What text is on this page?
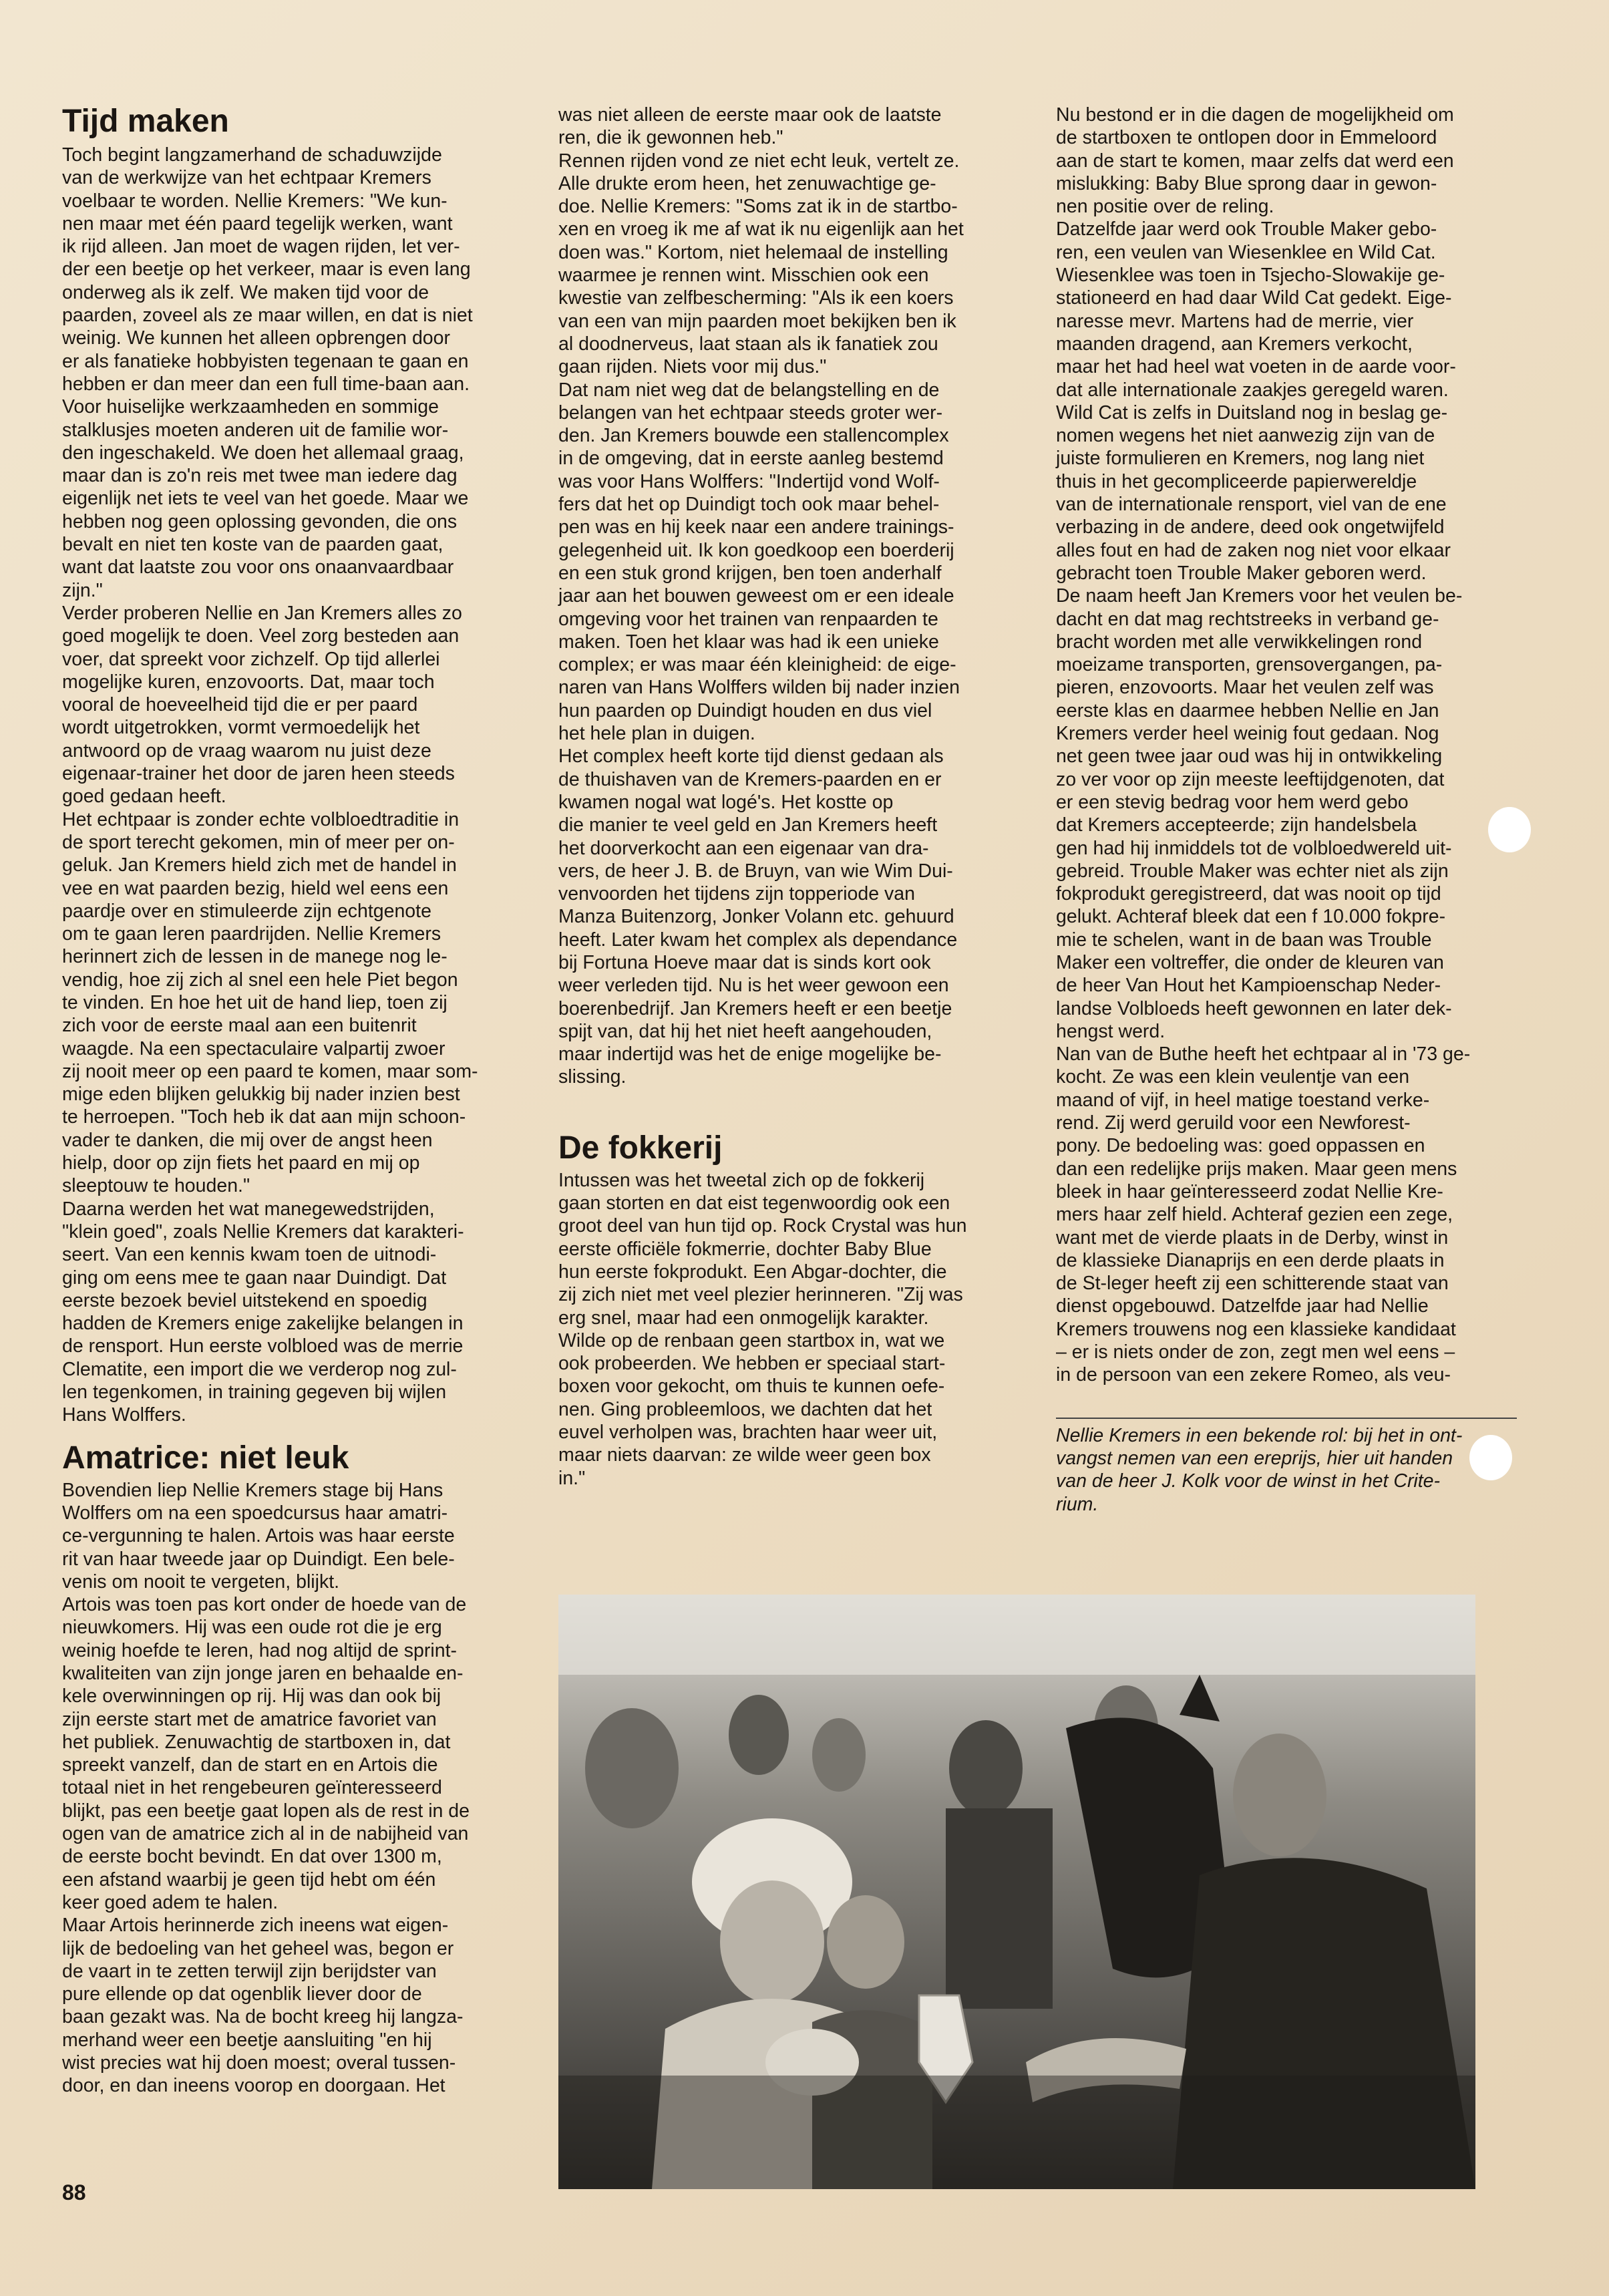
Tijd maken

Toch begint langzamerhand de schaduwzijde
van de werkwijze van het echtpaar Kremers
voelbaar te worden. Nellie Kremers: "We kun-
nen maar met één paard tegelijk werken, want
ik rijd alleen. Jan moet de wagen rijden, let ver-
der een beetje op het verkeer, maar is even lang
onderweg als ik zelf. We maken tijd voor de
paarden, zoveel als ze maar willen, en dat is niet
weinig. We kunnen het alleen opbrengen door
er als fanatieke hobbyisten tegenaan te gaan en
hebben er dan meer dan een full time-baan aan.
Voor huiselijke werkzaamheden en sommige
stalklusjes moeten anderen uit de familie wor-
den ingeschakeld. We doen het allemaal graag,
maar dan is zo'n reis met twee man iedere dag
eigenlijk net iets te veel van het goede. Maar we
hebben nog geen oplossing gevonden, die ons
bevalt en niet ten koste van de paarden gaat,
want dat laatste zou voor ons onaanvaardbaar
zijn."

Verder proberen Nellie en Jan Kremers alles zo
goed mogelijk te doen. Veel zorg besteden aan
voer, dat spreekt voor zichzelf. Op tijd allerlei
mogelijke kuren, enzovoorts. Dat, maar toch
vooral de hoeveelheid tijd die er per paard
wordt uitgetrokken, vormt vermoedelijk het
antwoord op de vraag waarom nu juist deze
eigenaar-trainer het door de jaren heen steeds
goed gedaan heeft.

Het echtpaar is zonder echte volbloedtraditie in
de sport terecht gekomen, min of meer per on-
geluk. Jan Kremers hield zich met de handel in
vee en wat paarden bezig, hield wel eens een
paardje over en stimuleerde zijn echtgenote
om te gaan leren paardrijden. Nellie Kremers
herinnert zich de lessen in de manege nog le-
vendig, hoe zij zich al snel een hele Piet begon
te vinden. En hoe het uit de hand liep, toen zij
zich voor de eerste maal aan een buitenrit
waagde. Na een spectaculaire valpartij zwoer
zij nooit meer op een paard te komen, maar som-
mige eden blijken gelukkig bij nader inzien best
te herroepen. "Toch heb ik dat aan mijn schoon-
vader te danken, die mij over de angst heen
hielp, door op zijn fiets het paard en mij op
sleeptouw te houden."

Daarna werden het wat manegewedstrijden,
"klein goed", zoals Nellie Kremers dat karakteri-
seert. Van een kennis kwam toen de uitnodi-
ging om eens mee te gaan naar Duindigt. Dat
eerste bezoek beviel uitstekend en spoedig
hadden de Kremers enige zakelijke belangen in
de rensport. Hun eerste volbloed was de merrie
Clematite, een import die we verderop nog zul-
len tegenkomen, in training gegeven bij wijlen
Hans Wolffers.

Amatrice: niet leuk

Bovendien liep Nellie Kremers stage bij Hans
Wolffers om na een spoedcursus haar amatri-
ce-vergunning te halen. Artois was haar eerste
rit van haar tweede jaar op Duindigt. Een bele-
venis om nooit te vergeten, blijkt.

Artois was toen pas kort onder de hoede van de
nieuwkomers. Hij was een oude rot die je erg
weinig hoefde te leren, had nog altijd de sprint-
kwaliteiten van zijn jonge jaren en behaalde en-
kele overwinningen op rij. Hij was dan ook bij
zijn eerste start met de amatrice favoriet van
het publiek. Zenuwachtig de startboxen in, dat
spreekt vanzelf, dan de start en en Artois die
totaal niet in het rengebeuren geïnteresseerd
blijkt, pas een beetje gaat lopen als de rest in de
ogen van de amatrice zich al in de nabijheid van
de eerste bocht bevindt. En dat over 1300 m,
een afstand waarbij je geen tijd hebt om één
keer goed adem te halen.

Maar Artois herinnerde zich ineens wat eigen-
lijk de bedoeling van het geheel was, begon er
de vaart in te zetten terwijl zijn berijdster van
pure ellende op dat ogenblik liever door de
baan gezakt was. Na de bocht kreeg hij langza-
merhand weer een beetje aansluiting "en hij
wist precies wat hij doen moest; overal tussen-
door, en dan ineens voorop en doorgaan. Het

was niet alleen de eerste maar ook de laatste
ren, die ik gewonnen heb."

Rennen rijden vond ze niet echt leuk, vertelt ze.
Alle drukte erom heen, het zenuwachtige ge-
doe. Nellie Kremers: "Soms zat ik in de startbo-
xen en vroeg ik me af wat ik nu eigenlijk aan het
doen was." Kortom, niet helemaal de instelling
waarmee je rennen wint. Misschien ook een
kwestie van zelfbescherming: "Als ik een koers
van een van mijn paarden moet bekijken ben ik
al doodnerveus, laat staan als ik fanatiek zou
gaan rijden. Niets voor mij dus."

Dat nam niet weg dat de belangstelling en de
belangen van het echtpaar steeds groter wer-
den. Jan Kremers bouwde een stallencomplex
in de omgeving, dat in eerste aanleg bestemd
was voor Hans Wolffers: "Indertijd vond Wolf-
fers dat het op Duindigt toch ook maar behel-
pen was en hij keek naar een andere trainings-
gelegenheid uit. Ik kon goedkoop een boerderij
en een stuk grond krijgen, ben toen anderhalf
jaar aan het bouwen geweest om er een ideale
omgeving voor het trainen van renpaarden te
maken. Toen het klaar was had ik een unieke
complex; er was maar één kleinigheid: de eige-
naren van Hans Wolffers wilden bij nader inzien
hun paarden op Duindigt houden en dus viel
het hele plan in duigen.

Het complex heeft korte tijd dienst gedaan als
de thuishaven van de Kremers-paarden en er
kwamen nogal wat logé's. Het kostte op
die manier te veel geld en Jan Kremers heeft
het doorverkocht aan een eigenaar van dra-
vers, de heer J. B. de Bruyn, van wie Wim Dui-
venvoorden het tijdens zijn topperiode van
Manza Buitenzorg, Jonker Volann etc. gehuurd
heeft. Later kwam het complex als dependance
bij Fortuna Hoeve maar dat is sinds kort ook
weer verleden tijd. Nu is het weer gewoon een
boerenbedrijf. Jan Kremers heeft er een beetje
spijt van, dat hij het niet heeft aangehouden,
maar indertijd was het de enige mogelijke be-
slissing.

De fokkerij

Intussen was het tweetal zich op de fokkerij
gaan storten en dat eist tegenwoordig ook een
groot deel van hun tijd op. Rock Crystal was hun
eerste officiële fokmerrie, dochter Baby Blue
hun eerste fokprodukt. Een Abgar-dochter, die
zij zich niet met veel plezier herinneren. "Zij was
erg snel, maar had een onmogelijk karakter.
Wilde op de renbaan geen startbox in, wat we
ook probeerden. We hebben er speciaal start-
boxen voor gekocht, om thuis te kunnen oefe-
nen. Ging probleemloos, we dachten dat het
euvel verholpen was, brachten haar weer uit,
maar niets daarvan: ze wilde weer geen box
in."

Nu bestond er in die dagen de mogelijkheid om
de startboxen te ontlopen door in Emmeloord
aan de start te komen, maar zelfs dat werd een
mislukking: Baby Blue sprong daar in gewon-
nen positie over de reling.

Datzelfde jaar werd ook Trouble Maker gebo-
ren, een veulen van Wiesenklee en Wild Cat.
Wiesenklee was toen in Tsjecho-Slowakije ge-
stationeerd en had daar Wild Cat gedekt. Eige-
naresse mevr. Martens had de merrie, vier
maanden dragend, aan Kremers verkocht,
maar het had heel wat voeten in de aarde voor-
dat alle internationale zaakjes geregeld waren.
Wild Cat is zelfs in Duitsland nog in beslag ge-
nomen wegens het niet aanwezig zijn van de
juiste formulieren en Kremers, nog lang niet
thuis in het gecompliceerde papierwereldje
van de internationale rensport, viel van de ene
verbazing in de andere, deed ook ongetwijfeld
alles fout en had de zaken nog niet voor elkaar
gebracht toen Trouble Maker geboren werd.

De naam heeft Jan Kremers voor het veulen be-
dacht en dat mag rechtstreeks in verband ge-
bracht worden met alle verwikkelingen rond
moeizame transporten, grensovergangen, pa-
pieren, enzovoorts. Maar het veulen zelf was
eerste klas en daarmee hebben Nellie en Jan
Kremers verder heel weinig fout gedaan. Nog
net geen twee jaar oud was hij in ontwikkeling
zo ver voor op zijn meeste leeftijdgenoten, dat
er een stevig bedrag voor hem werd gebo
dat Kremers accepteerde; zijn handelsbela
gen had hij inmiddels tot de volbloedwereld uit-
gebreid. Trouble Maker was echter niet als zijn
fokprodukt geregistreerd, dat was nooit op tijd
gelukt. Achteraf bleek dat een f 10.000 fokpre-
mie te schelen, want in de baan was Trouble
Maker een voltreffer, die onder de kleuren van
de heer Van Hout het Kampioenschap Neder-
landse Volbloeds heeft gewonnen en later dek-
hengst werd.

Nan van de Buthe heeft het echtpaar al in '73 ge-
kocht. Ze was een klein veulentje van een
maand of vijf, in heel matige toestand verke-
rend. Zij werd geruild voor een Newforest-
pony. De bedoeling was: goed oppassen en
dan een redelijke prijs maken. Maar geen mens
bleek in haar geïnteresseerd zodat Nellie Kre-
mers haar zelf hield. Achteraf gezien een zege,
want met de vierde plaats in de Derby, winst in
de klassieke Dianaprijs en een derde plaats in
de St-leger heeft zij een schitterende staat van
dienst opgebouwd. Datzelfde jaar had Nellie
Kremers trouwens nog een klassieke kandidaat
– er is niets onder de zon, zegt men wel eens –
in de persoon van een zekere Romeo, als veu-

Nellie Kremers in een bekende rol: bij het in ont-
vangst nemen van een ereprijs, hier uit handen
van de heer J. Kolk voor de winst in het Crite-
rium.

88
